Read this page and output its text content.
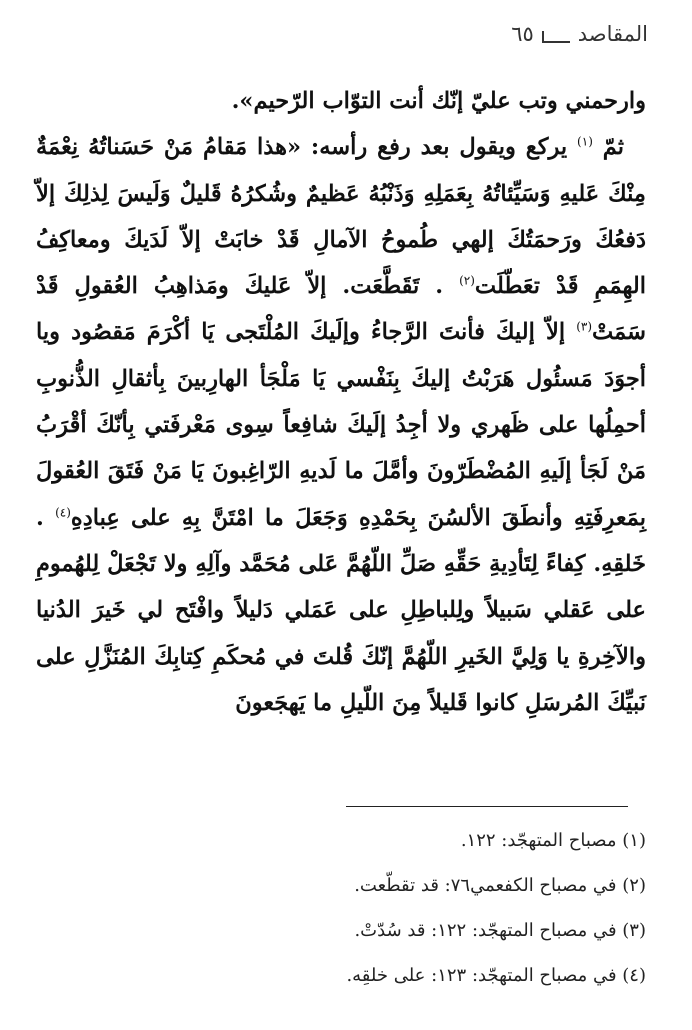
المقاصد
٦٥

وارحمني وتب عليّ إنّك أنت التوّاب الرّحيم».

ثمّ $^{(١)}$ يركع ويقول بعد رفع رأسه: «هذا مَقامُ مَنْ حَسَناتُهُ نِعْمَةٌ مِنْكَ عَليهِ وَسَيِّئاتُهُ بِعَمَلِهِ وَذَنْبُهُ عَظيمٌ وشُكرُهُ قَليلٌ وَلَيسَ لِذلِكَ إلاّ دَفعُكَ ورَحمَتُكَ إلهي طُموحُ الآمالِ قَدْ خابَتْ إلاّ لَدَيكَ ومعاكِفُ الهِمَمِ قَدْ تعَطّلَت$^{(٢)}$ . تَقَطَّعَت. إلاّ عَليكَ ومَذاهِبُ العُقولِ قَدْ سَمَتْ$^{(٣)}$ إلاّ إليكَ فأنتَ الرَّجاءُ وإلَيكَ المُلْتَجى يَا أكْرَمَ مَقصُود ويا أجوَدَ مَسئُول هَرَبْتُ إليكَ بِنَفْسي يَا مَلْجَأ الهارِبينَ بِأثقالِ الذُّنوبِ أحمِلُها على ظَهري ولا أجِدُ إلَيكَ شافِعاً سِوى مَعْرفَتي بِأنّكَ أقْرَبُ مَنْ لَجَأ إلَيهِ المُضْطَرّونَ وأمَّلَ ما لَديهِ الرّاغِبونَ يَا مَنْ فَتَقَ العُقولَ بِمَعرِفَتِهِ وأنطَقَ الألسُنَ بِحَمْدِهِ وَجَعَلَ ما امْتَنَّ بِهِ على عِبادِهِ$^{(٤)}$ . خَلقِهِ. كِفاءً لِتَأدِيةِ حَقِّهِ صَلِّ اللّهُمَّ عَلى مُحَمَّد وآلِهِ ولا تَجْعَلْ لِلهُمومِ على عَقلي سَبيلاً ولِلباطِلِ على عَمَلي دَليلاً وافْتَح لي خَيرَ الدُنيا والآخِرةِ يا وَلِيَّ الخَيرِ اللّهُمَّ إنّكَ قُلتَ في مُحكَمِ كِتابِكَ المُنَزَّلِ على نَبيِّكَ المُرسَلِ كانوا قَليلاً مِنَ اللّيلِ ما يَهجَعونَ

(١) مصباح المتهجّد: ١٢٢.

(٢) في مصباح الكفعمي٧٦: قد تقطّعت.

(٣) في مصباح المتهجّد: ١٢٢: قد سُدّتْ.

(٤) في مصباح المتهجّد: ١٢٣: على خلقِه.
